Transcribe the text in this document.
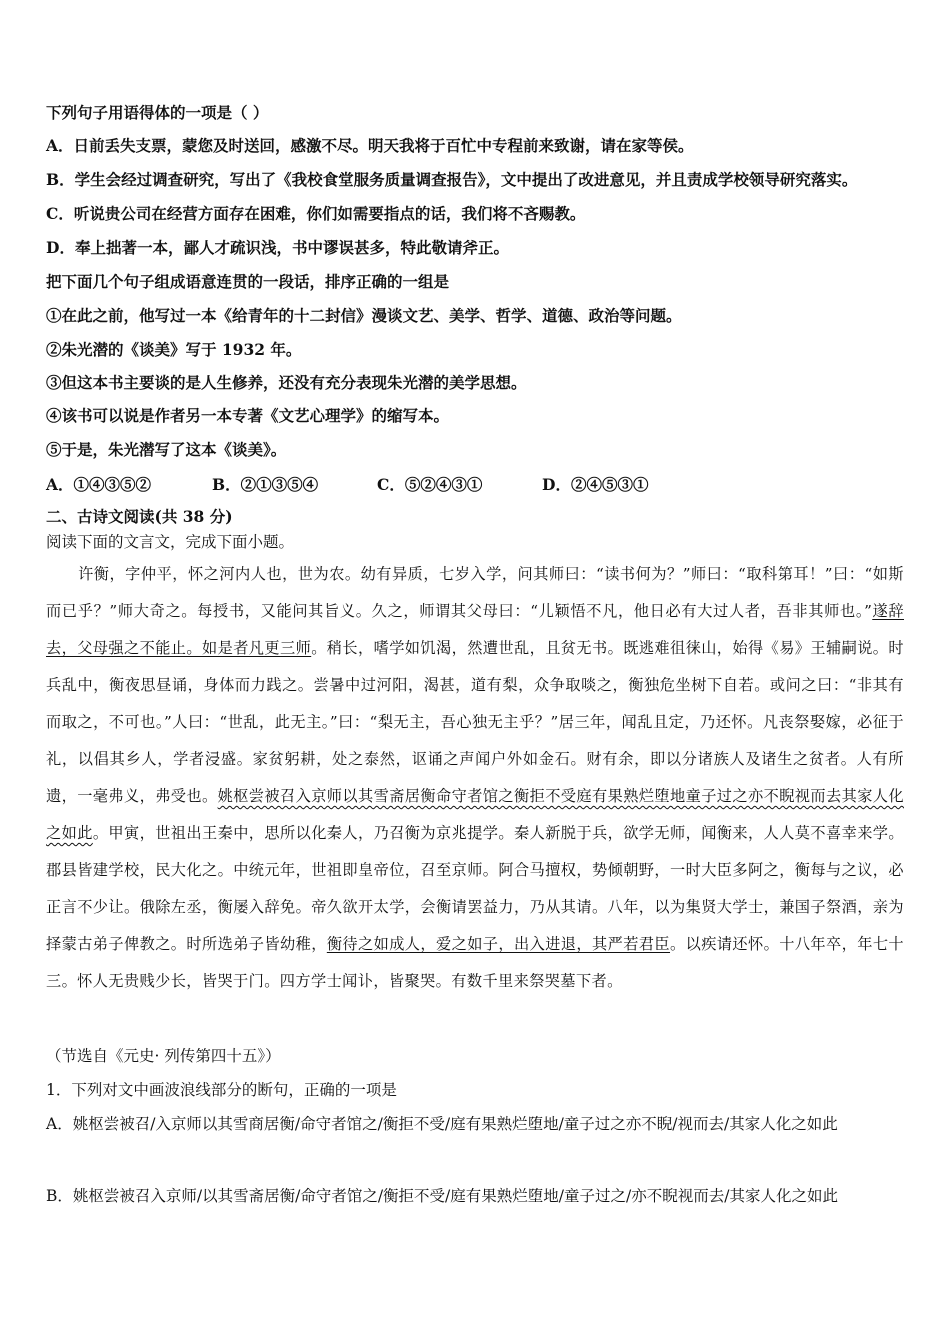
下列句子用语得体的一项是（ ）
A．日前丢失支票，蒙您及时送回，感激不尽。明天我将于百忙中专程前来致谢，请在家等侯。
B．学生会经过调查研究，写出了《我校食堂服务质量调查报告》，文中提出了改进意见，并且责成学校领导研究落实。
C．听说贵公司在经营方面存在困难，你们如需要指点的话，我们将不吝赐教。
D．奉上拙著一本，鄙人才疏识浅，书中谬误甚多，特此敬请斧正。
把下面几个句子组成语意连贯的一段话，排序正确的一组是
①在此之前，他写过一本《给青年的十二封信》漫谈文艺、美学、哲学、道德、政治等问题。
②朱光潜的《谈美》写于 1932 年。
③但这本书主要谈的是人生修养，还没有充分表现朱光潜的美学思想。
④该书可以说是作者另一本专著《文艺心理学》的缩写本。
⑤于是，朱光潜写了这本《谈美》。
A．①④③⑤②	B．②①③⑤④	C．⑤②④③①	D．②④⑤③①
二、古诗文阅读(共 38 分)
阅读下面的文言文，完成下面小题。
许衡，字仲平，怀之河内人也，世为农。幼有异质，七岁入学，问其师曰：“读书何为？”师曰：“取科第耳！”曰：“如斯而已乎？”师大奇之。每授书，又能问其旨义。久之，师谓其父母曰：“儿颖悟不凡，他日必有大过人者，吾非其师也。”遂辞去，父母强之不能止。如是者凡更三师。稍长，嗜学如饥渴，然遭世乱，且贫无书。既逃难徂徕山，始得《易》王辅嗣说。时兵乱中，衡夜思昼诵，身体而力践之。尝暑中过河阳，渴甚，道有梨，众争取啖之，衡独危坐树下自若。或问之曰：“非其有而取之，不可也。”人曰：“世乱，此无主。”曰：“梨无主，吾心独无主乎？”居三年，闻乱且定，乃还怀。凡丧祭娶嫁，必征于礼，以倡其乡人，学者浸盛。家贫躬耕，处之泰然，讴诵之声闻户外如金石。财有余，即以分诸族人及诸生之贫者。人有所遗，一毫弗义，弗受也。姚枢尝被召入京师以其雪斋居衡命守者馆之衡拒不受庭有果熟烂堕地童子过之亦不睨视而去其家人化之如此。甲寅，世祖出王秦中，思所以化秦人，乃召衡为京兆提学。秦人新脱于兵，欲学无师，闻衡来，人人莫不喜幸来学。郡县皆建学校，民大化之。中统元年，世祖即皇帝位，召至京师。阿合马擅权，势倾朝野，一时大臣多阿之，衡每与之议，必正言不少让。俄除左丞，衡屡入辞免。帝久欲开太学，会衡请罢益力，乃从其请。八年，以为集贤大学士，兼国子祭酒，亲为择蒙古弟子俾教之。时所选弟子皆幼稚，衡待之如成人，爱之如子，出入进退，其严若君臣。以疾请还怀。十八年卒，年七十三。怀人无贵贱少长，皆哭于门。四方学士闻讣，皆聚哭。有数千里来祭哭墓下者。
（节选自《元史· 列传第四十五》）
1．下列对文中画波浪线部分的断句，正确的一项是
A．姚枢尝被召/入京师以其雪商居衡/命守者馆之/衡拒不受/庭有果熟烂堕地/童子过之亦不睨/视而去/其家人化之如此
B．姚枢尝被召入京师/以其雪斋居衡/命守者馆之/衡拒不受/庭有果熟烂堕地/童子过之/亦不睨视而去/其家人化之如此
